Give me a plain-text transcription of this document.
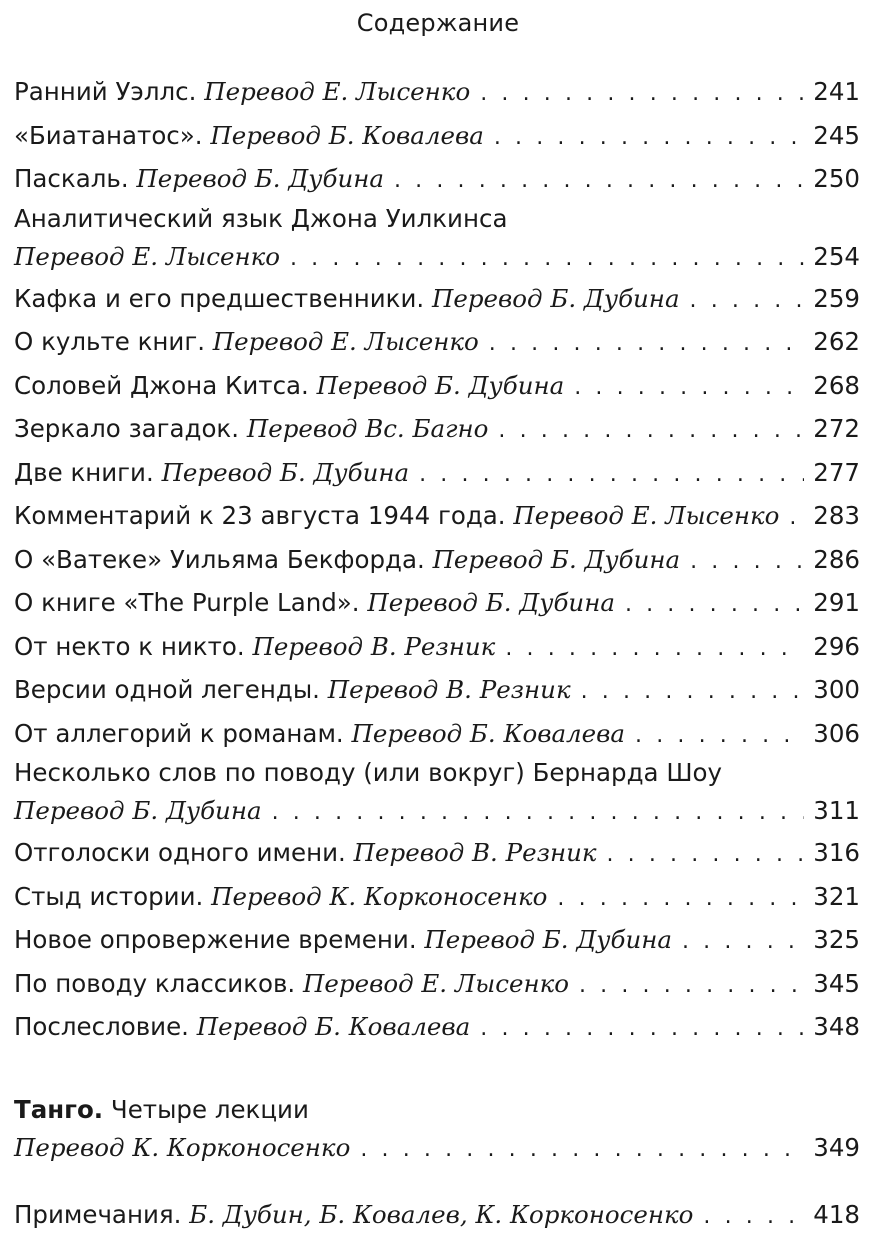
Содержание
Ранний Уэллс. Перевод Е. Лысенко . . .	241
«Биатанатос». Перевод Б. Ковалева . . .	245
Паскаль. Перевод Б. Дубина . . .	250
Аналитический язык Джона Уилкинса
Перевод Е. Лысенко . . .	254
Кафка и его предшественники. Перевод Б. Дубина . . .	259
О культе книг. Перевод Е. Лысенко . . .	262
Соловей Джона Китса. Перевод Б. Дубина . . .	268
Зеркало загадок. Перевод Вс. Багно . . .	272
Две книги. Перевод Б. Дубина . . .	277
Комментарий к 23 августа 1944 года. Перевод Е. Лысенко . . . 283
О «Ватеке» Уильяма Бекфорда. Перевод Б. Дубина . . .	286
О книге «The Purple Land». Перевод Б. Дубина . . .	291
От некто к никто. Перевод В. Резник . . .	296
Версии одной легенды. Перевод В. Резник . . .	300
От аллегорий к романам. Перевод Б. Ковалева . . .	306
Несколько слов по поводу (или вокруг) Бернарда Шоу
Перевод Б. Дубина . . .	311
Отголоски одного имени. Перевод В. Резник . . .	316
Стыд истории. Перевод К. Корконосенко . . .	321
Новое опровержение времени. Перевод Б. Дубина . . .	325
По поводу классиков. Перевод Е. Лысенко . . .	345
Послесловие. Перевод Б. Ковалева . . .	348
Танго. Четыре лекции
Перевод К. Корконосенко . . .	349
Примечания. Б. Дубин, Б. Ковалев, К. Корконосенко . . .	418
